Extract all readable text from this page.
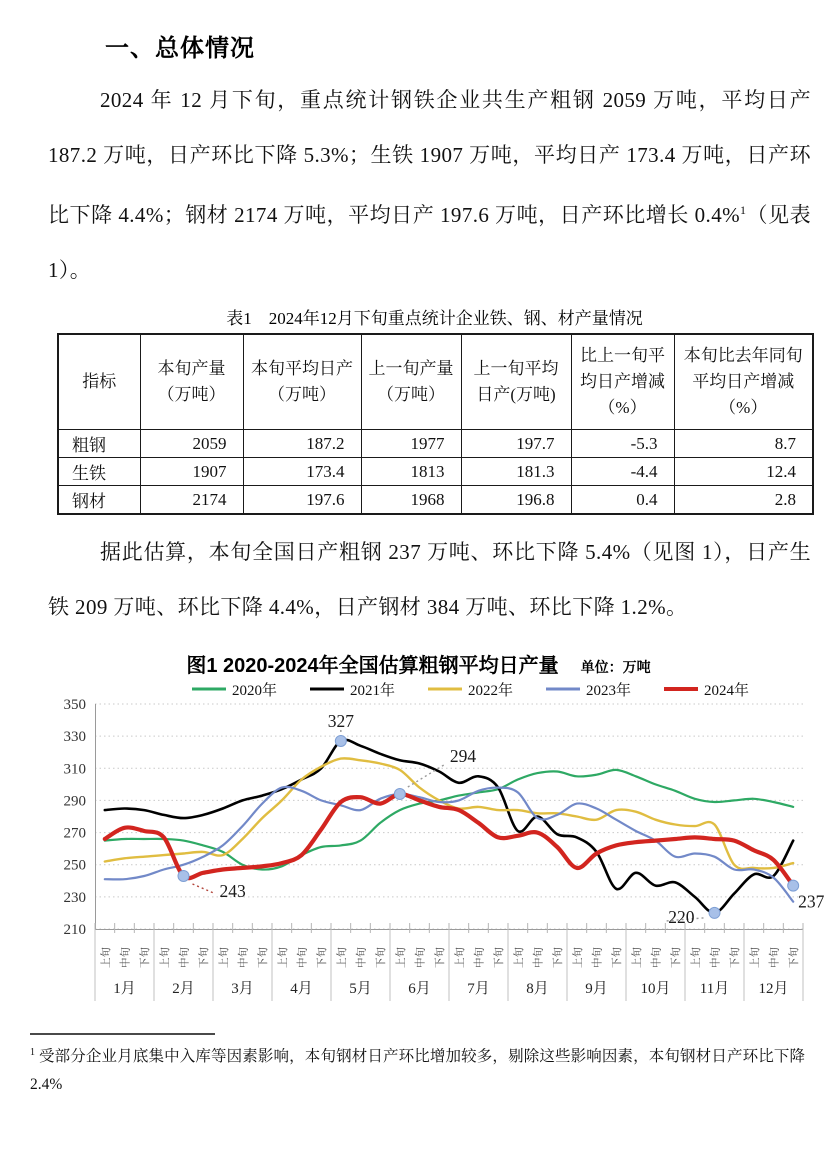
一、总体情况

2024 年 12 月下旬，重点统计钢铁企业共生产粗钢 2059 万吨，平均日产 187.2 万吨，日产环比下降 5.3%；生铁 1907 万吨，平均日产 173.4 万吨，日产环比下降 4.4%；钢材 2174 万吨，平均日产 197.6 万吨，日产环比增长 0.4%$^1$（见表 1）。

表1　2024年12月下旬重点统计企业铁、钢、材产量情况
指标	本旬产量（万吨）	本旬平均日产（万吨）	上一旬产量（万吨）	上一旬平均日产(万吨)	比上一旬平均日产增减（%）	本旬比去年同旬平均日产增减（%）
粗钢	2059	187.2	1977	197.7	-5.3	8.7
生铁	1907	173.4	1813	181.3	-4.4	12.4
钢材	2174	197.6	1968	196.8	0.4	2.8

据此估算，本旬全国日产粗钢 237 万吨、环比下降 5.4%（见图 1），日产生铁 209 万吨、环比下降 4.4%，日产钢材 384 万吨、环比下降 1.2%。

图1 2020-2024年全国估算粗钢平均日产量 单位：万吨
210
230
250
270
290
310
330
350
上旬 中旬 下旬 上旬 中旬 下旬 上旬 中旬 下旬 上旬 中旬 下旬 上旬 中旬 下旬 上旬 中旬 下旬 上旬 中旬 下旬 上旬 中旬 下旬 上旬 中旬 下旬 上旬 中旬 下旬 上旬 中旬 下旬 上旬 中旬 下旬
1月 2月 3月 4月 5月 6月 7月 8月 9月 10月 11月 12月
2020年	2021年	2022年	2023年	2024年
327
294
243
220
237

$^1$ 受部分企业月底集中入库等因素影响，本旬钢材日产环比增加较多，剔除这些影响因素，本旬钢材日产环比下降 2.4%
